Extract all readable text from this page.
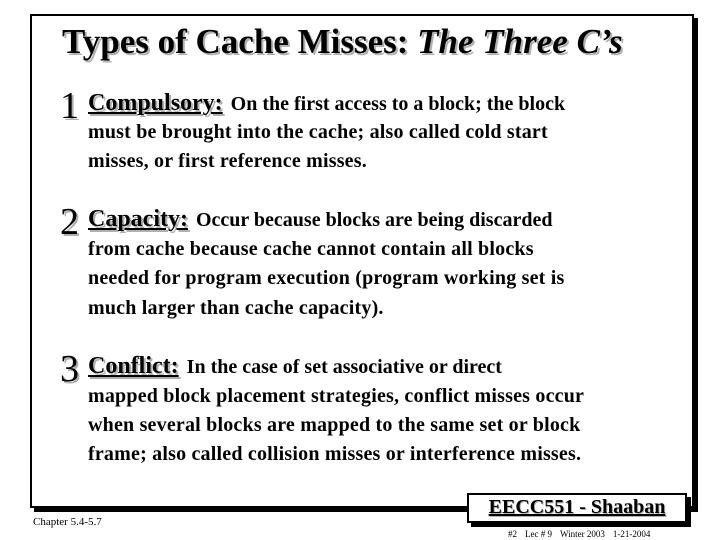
Types of Cache Misses: The Three C’s
1 Compulsory: On the first access to a block; the block
must be brought into the cache; also called cold start
misses, or first reference misses.
2 Capacity: Occur because blocks are being discarded
from cache because cache cannot contain all blocks
needed for program execution (program working set is
much larger than cache capacity).
3 Conflict: In the case of set associative or direct
mapped block placement strategies, conflict misses occur
when several blocks are mapped to the same set or block
frame; also called collision misses or interference misses.
Chapter 5.4-5.7
EECC551 - Shaaban
#2 Lec # 9 Winter 2003 1-21-2004
